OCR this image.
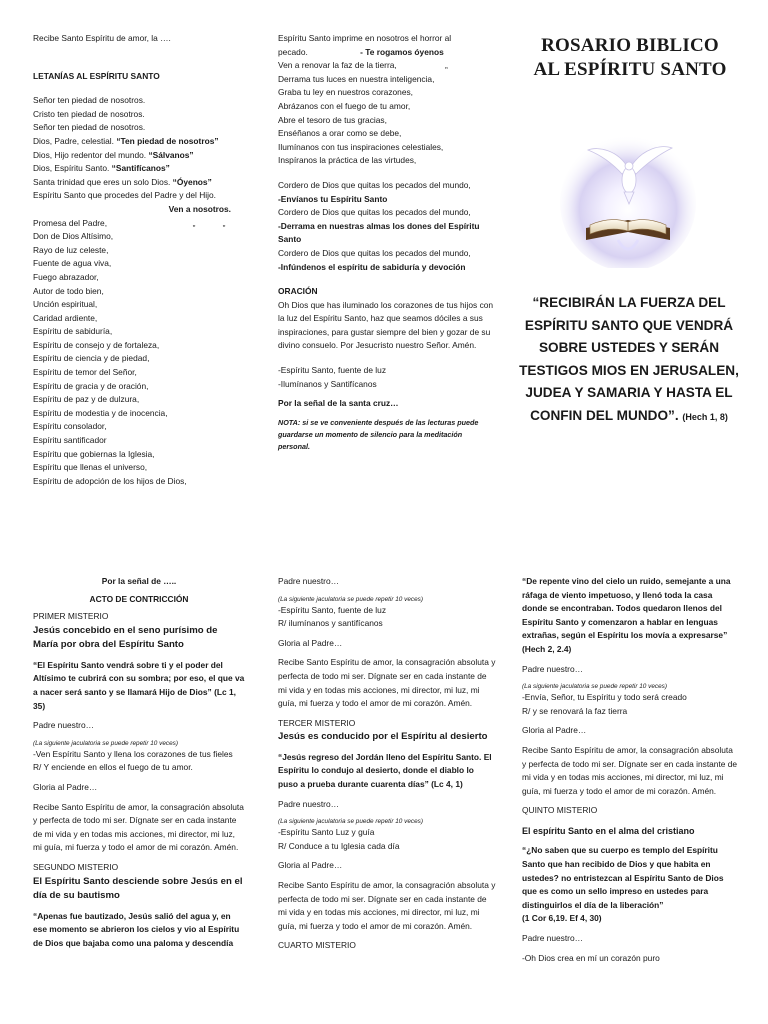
Recibe Santo Espíritu de amor, la ….

LETANÍAS AL ESPÍRITU SANTO

Señor ten piedad de nosotros.

Cristo ten piedad de nosotros.

Señor ten piedad de nosotros.

Dios, Padre, celestial. “Ten piedad de nosotros”

Dios, Hijo redentor del mundo. “Sálvanos”

Dios, Espíritu Santo. “Santifícanos”

Santa trinidad que eres un solo Dios. “Óyenos”

Espíritu Santo que procedes del Padre y del Hijo.

Ven a nosotros.

Promesa del Padre,

Don de Dios Altísimo,

Rayo de luz celeste,

Fuente de agua viva,

Fuego abrazador,

Autor de todo bien,

Unción espiritual,

Caridad ardiente,

Espíritu de sabiduría,

Espíritu de consejo y de fortaleza,

Espíritu de ciencia y de piedad,

Espíritu de temor del Señor,

Espíritu de gracia y de oración,

Espíritu de paz y de dulzura,

Espíritu de modestia y de inocencia,

Espíritu consolador,

Espíritu santificador

Espíritu que gobiernas la Iglesia,

Espíritu que llenas el universo,

Espíritu de adopción de los hijos de Dios,

„	„

Espíritu Santo imprime en nosotros el horror al

pecado.	- Te rogamos óyenos

Ven a renovar la faz de la tierra,	„

Derrama tus luces en nuestra inteligencia,

Graba tu ley en nuestros corazones,

Abrázanos con el fuego de tu amor,

Abre el tesoro de tus gracias,

Enséñanos a orar como se debe,

Ilumínanos con tus inspiraciones celestiales,

Inspíranos la práctica de las virtudes,

Cordero de Dios que quitas los pecados del mundo,

-Envíanos tu Espíritu Santo

Cordero de Dios que quitas los pecados del mundo,

-Derrama en nuestras almas los dones del Espíritu Santo

Cordero de Dios que quitas los pecados del mundo,

-Infúndenos el espíritu de sabiduría y devoción

ORACIÓN

Oh Dios que has iluminado los corazones de tus hijos con la luz del Espíritu Santo, haz que seamos dóciles a sus inspiraciones, para gustar siempre del bien y gozar de su divino consuelo. Por Jesucristo nuestro Señor. Amén.

-Espíritu Santo, fuente de luz

-Ilumínanos y Santifícanos

Por la señal de la santa cruz…

NOTA: si se ve conveniente después de las lecturas puede guardarse un momento de silencio para la meditación personal.

ROSARIO BIBLICO

AL ESPÍRITU SANTO

“RECIBIRÁN LA FUERZA DEL ESPÍRITU SANTO QUE VENDRÁ SOBRE USTEDES Y SERÁN TESTIGOS MIOS EN JERUSALEN, JUDEA Y SAMARIA Y HASTA EL CONFIN DEL MUNDO”. (Hech 1, 8)

Por la señal de …..

ACTO DE CONTRICCIÓN

PRIMER MISTERIO

Jesús concebido en el seno purísimo de María por obra del Espíritu Santo

“El Espíritu Santo vendrá sobre ti y el poder del Altísimo te cubrirá con su sombra; por eso, el que va a nacer será santo y se llamará Hijo de Dios” (Lc 1, 35)

Padre nuestro…

(La siguiente jaculatoria se puede repetir 10 veces)

-Ven Espíritu Santo y llena los corazones de tus fieles

R/ Y enciende en ellos el fuego de tu amor.

Gloria al Padre…

Recibe Santo Espíritu de amor, la consagración absoluta y perfecta de todo mi ser. Dígnate ser en cada instante de mi vida y en todas mis acciones, mi director, mi luz, mi guía, mi fuerza y todo el amor de mi corazón. Amén.

SEGUNDO MISTERIO

El Espíritu Santo desciende sobre Jesús en el día de su bautismo

“Apenas fue bautizado, Jesús salió del agua y, en ese momento se abrieron los cielos y vio al Espíritu de Dios que bajaba como una paloma y descendía

Padre nuestro…

(La siguiente jaculatoria se puede repetir 10 veces)

-Espíritu Santo, fuente de luz

R/ ilumínanos y santifícanos

Gloria al Padre…

Recibe Santo Espíritu de amor, la consagración absoluta y perfecta de todo mi ser. Dígnate ser en cada instante de mi vida y en todas mis acciones, mi director, mi luz, mi guía, mi fuerza y todo el amor de mi corazón. Amén.

TERCER MISTERIO

Jesús es conducido por el Espíritu al desierto

“Jesús regreso del Jordán lleno del Espíritu Santo. El Espíritu lo condujo al desierto, donde el diablo lo puso a prueba durante cuarenta días” (Lc 4, 1)

Padre nuestro…

(La siguiente jaculatoria se puede repetir 10 veces)

-Espíritu Santo Luz y guía

R/ Conduce a tu Iglesia cada día

Gloria al Padre…

Recibe Santo Espíritu de amor, la consagración absoluta y perfecta de todo mi ser. Dígnate ser en cada instante de mi vida y en todas mis acciones, mi director, mi luz, mi guía, mi fuerza y todo el amor de mi corazón. Amén.

CUARTO MISTERIO

“De repente vino del cielo un ruido, semejante a una ráfaga de viento impetuoso, y llenó toda la casa donde se encontraban. Todos quedaron llenos del Espíritu Santo y comenzaron a hablar en lenguas extrañas, según el Espíritu los movía a expresarse” (Hech 2, 2.4)

Padre nuestro…

(La siguiente jaculatoria se puede repetir 10 veces)

-Envía, Señor, tu Espíritu y todo será creado

R/ y se renovará la faz tierra

Gloria al Padre…

Recibe Santo Espíritu de amor, la consagración absoluta y perfecta de todo mi ser. Dígnate ser en cada instante de mi vida y en todas mis acciones, mi director, mi luz, mi guía, mi fuerza y todo el amor de mi corazón. Amén.

QUINTO MISTERIO

El espíritu Santo en el alma del cristiano

“¿No saben que su cuerpo es templo del Espíritu Santo que han recibido de Dios y que habita en ustedes? no entristezcan al Espíritu Santo de Dios que es como un sello impreso en ustedes para distinguirlos el día de la liberación”

(1 Cor 6,19. Ef 4, 30)

Padre nuestro…

-Oh Dios crea en mí un corazón puro
